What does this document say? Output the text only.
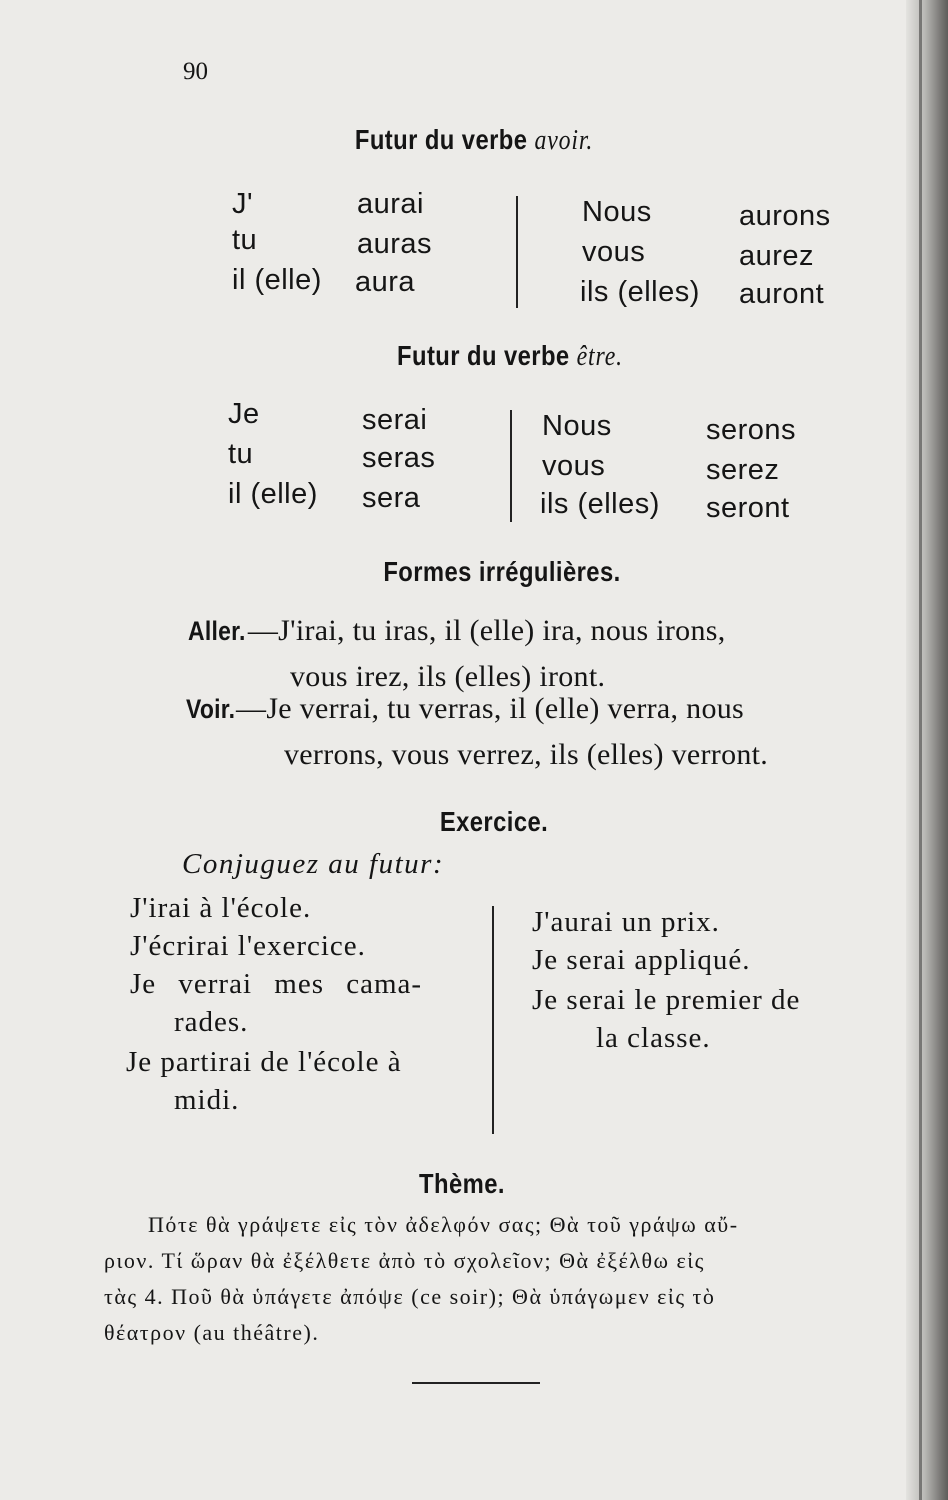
90
Futur du verbe avoir.
J'	aurai
tu	auras
il (elle) aura
Nous	aurons
vous	aurez
ils (elles) auront
Futur du verbe être.
Je	serai
tu	seras
il (elle) sera
Nous	serons
vous	serez
ils (elles) seront
Formes irrégulières.
Aller.—J'irai, tu iras, il (elle) ira, nous irons,
vous irez, ils (elles) iront.
Voir.—Je verrai, tu verras, il (elle) verra, nous
verrons, vous verrez, ils (elles) verront.
Exercice.
Conjuguez au futur:
J'irai à l'école.
J'écrirai l'exercice.
Je verrai mes cama-
rades.
Je partirai de l'école à
midi.
J'aurai un prix.
Je serai appliqué.
Je serai le premier de
la classe.
Thème.
Πότε θὰ γράψετε εἰς τὸν ἀδελφόν σας; Θὰ τοῦ γράψω αὔ-
ριον. Τί ὥραν θὰ ἐξέλθετε ἀπὸ τὸ σχολεῖον; Θὰ ἐξέλθω εἰς
τὰς 4. Ποῦ θὰ ὑπάγετε ἀπόψε (ce soir); Θὰ ὑπάγωμεν εἰς τὸ
θέατρον (au théâtre).
